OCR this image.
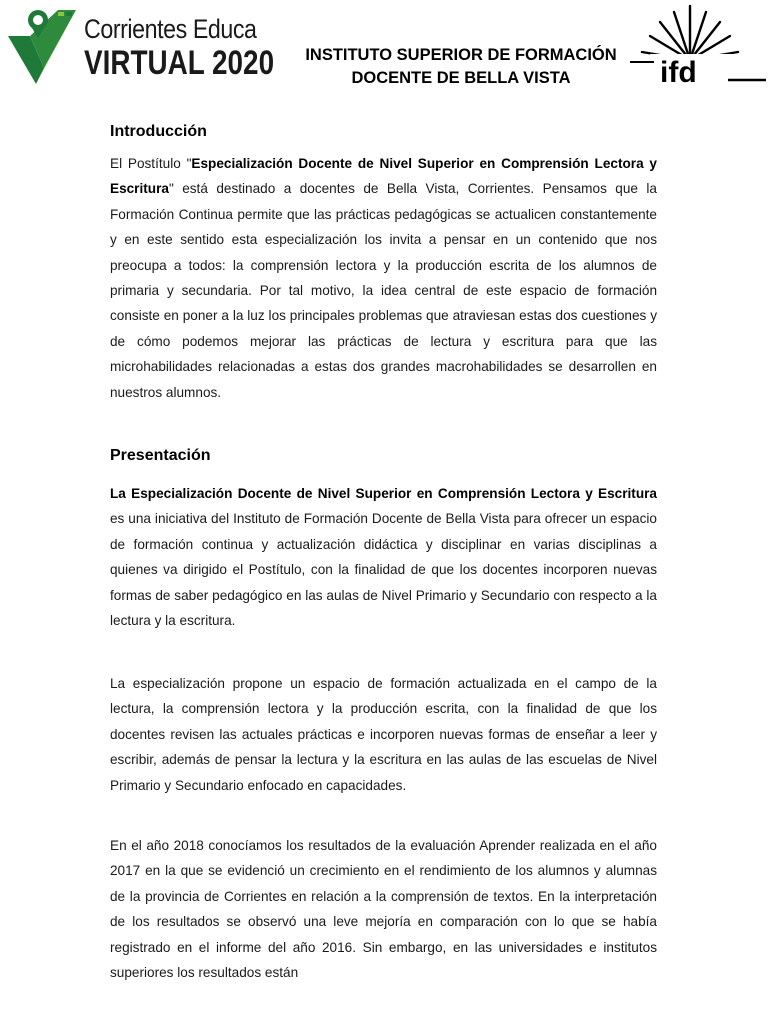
Corrientes Educa
VIRTUAL 2020	INSTITUTO SUPERIOR DE FORMACIÓN
DOCENTE DE BELLA VISTA	ifd
Introducción

El Postítulo "Especialización Docente de Nivel Superior en Comprensión Lectora y Escritura" está destinado a docentes de Bella Vista, Corrientes. Pensamos que la Formación Continua permite que las prácticas pedagógicas se actualicen constantemente y en este sentido esta especialización los invita a pensar en un contenido que nos preocupa a todos: la comprensión lectora y la producción escrita de los alumnos de primaria y secundaria. Por tal motivo, la idea central de este espacio de formación consiste en poner a la luz los principales problemas que atraviesan estas dos cuestiones y de cómo podemos mejorar las prácticas de lectura y escritura para que las microhabilidades relacionadas a estas dos grandes macrohabilidades se desarrollen en nuestros alumnos.

Presentación

La Especialización Docente de Nivel Superior en Comprensión Lectora y Escritura es una iniciativa del Instituto de Formación Docente de Bella Vista para ofrecer un espacio de formación continua y actualización didáctica y disciplinar en varias disciplinas a quienes va dirigido el Postítulo, con la finalidad de que los docentes incorporen nuevas formas de saber pedagógico en las aulas de Nivel Primario y Secundario con respecto a la lectura y la escritura.

La especialización propone un espacio de formación actualizada en el campo de la lectura, la comprensión lectora y la producción escrita, con la finalidad de que los docentes revisen las actuales prácticas e incorporen nuevas formas de enseñar a leer y escribir, además de pensar la lectura y la escritura en las aulas de las escuelas de Nivel Primario y Secundario enfocado en capacidades.

En el año 2018 conocíamos los resultados de la evaluación Aprender realizada en el año 2017 en la que se evidenció un crecimiento en el rendimiento de los alumnos y alumnas de la provincia de Corrientes en relación a la comprensión de textos. En la interpretación de los resultados se observó una leve mejoría en comparación con lo que se había registrado en el informe del año 2016. Sin embargo, en las universidades e institutos superiores los resultados están
